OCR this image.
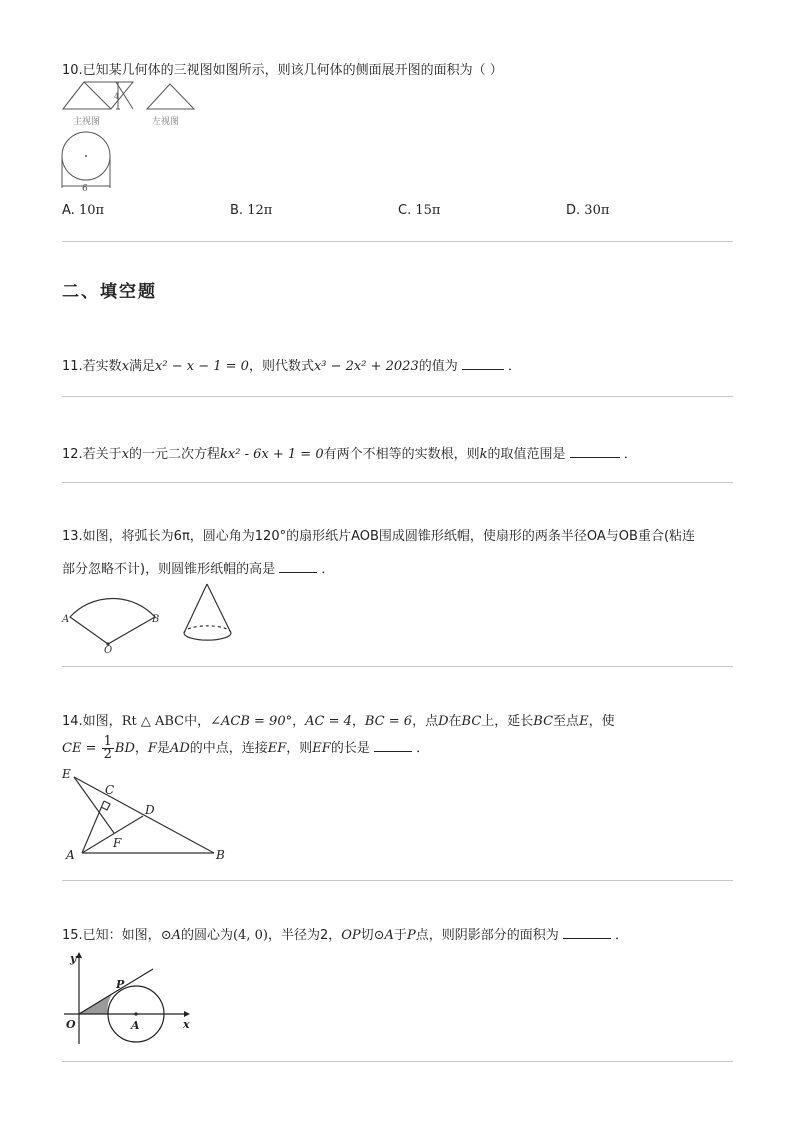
10.已知某几何体的三视图如图所示，则该几何体的侧面展开图的面积为（ ）
4
主视图	左视图
6
A. 10π	B. 12π	C. 15π	D. 30π
二、填空题
11.若实数x满足x² − x − 1 = 0，则代数式x³ − 2x² + 2023的值为	．
12.若关于x的一元二次方程kx² - 6x + 1 = 0有两个不相等的实数根，则k的取值范围是	．
13.如图，将弧长为6π，圆心角为120°的扇形纸片AOB围成圆锥形纸帽，使扇形的两条半径OA与OB重合(粘连
部分忽略不计)，则圆锥形纸帽的高是	．
A	B
O
14.如图，Rt △ ABC中，∠ACB = 90°，AC = 4，BC = 6，点D在BC上，延长BC至点E，使
CE = $\frac{1}{2}$ BD，F是AD的中点，连接EF，则EF的长是	．
E
C
D
A
F
B
15.已知：如图，⊙A的圆心为(4, 0)，半径为2，OP切⊙A于P点，则阴影部分的面积为	．
y
x
O	A
P
